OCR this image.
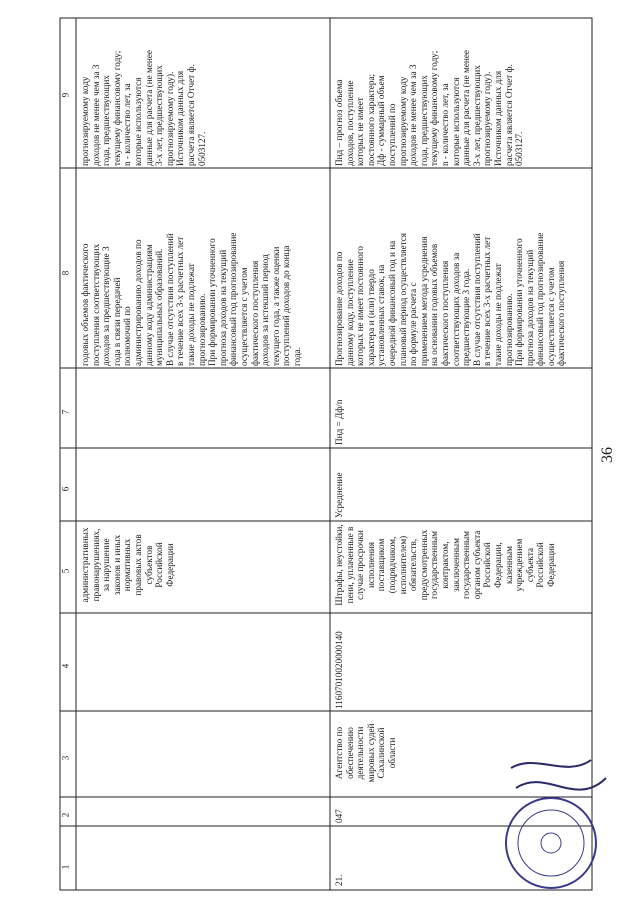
36
1
2
3
4
5
6
7
8
9
административных
правонарушениях,
за нарушение
законов и иных
нормативных
правовых актов
субъектов
Российской
Федерации
годовых объемов фактического
поступления соответствующих
доходов за предшествующие 3
года в связи передачей
полномочий по
администрированию доходов по
данному коду администрациям
муниципальных образований.
В случае отсутствия поступлений
в течение всех 3-х расчетных лет
такие доходы не подлежат
прогнозированию.
При формировании уточненного
прогноза доходов на текущий
финансовый год прогнозирование
осуществляется с учетом
фактического поступления
доходов за истекший период
текущего года, а также оценки
поступлений доходов до конца
года.
прогнозируемому коду
доходов не менее чем за 3
года, предшествующих
текущему финансовому году;
n - количество лет, за
которые используются
данные для расчета (не менее
3-х лет, предшествующих
прогнозируемому году).
Источником данных для
расчета является Отчет ф.
0503127.
21.
047
Агентство по
обеспечению
деятельности
мировых судей
Сахалинской
области
11607010020000140
Штрафы, неустойки,
пени, уплаченные в
случае просрочки
исполнения
поставщиком
(подрядчиком,
исполнителем)
обязательств,
предусмотренных
государственным
контрактом,
заключенным
государственным
органом субъекта
Российской
Федерации,
казенным
учреждением
субъекта
Российской
Федерации
Усреднение
Пнд = Дф/n
Прогнозирование доходов по
данному коду, поступление
которых не имеет постоянного
характера и (или) твердо
установленных ставок, на
очередной финансовый год и на
плановый период осуществляется
по формуле расчета с
применением метода усреднения
на основании годовых объемов
фактического поступления
соответствующих доходов за
предшествующие 3 года.
В случае отсутствия поступлений
в течение всех 3-х расчетных лет
такие доходы не подлежат
прогнозированию.
При формировании уточненного
прогноза доходов на текущий
финансовый год прогнозирование
осуществляется с учетом
фактического поступления
Пнд – прогноз объема
доходов, поступление
которых не имеет
постоянного характера;
Дф - суммарный объем
поступлений по
прогнозируемому коду
доходов не менее чем за 3
года, предшествующих
текущему финансовому году;
n - количество лет, за
которые используются
данные для расчета (не менее
3-х лет, предшествующих
прогнозируемому году).
Источником данных для
расчета является Отчет ф.
0503127.
